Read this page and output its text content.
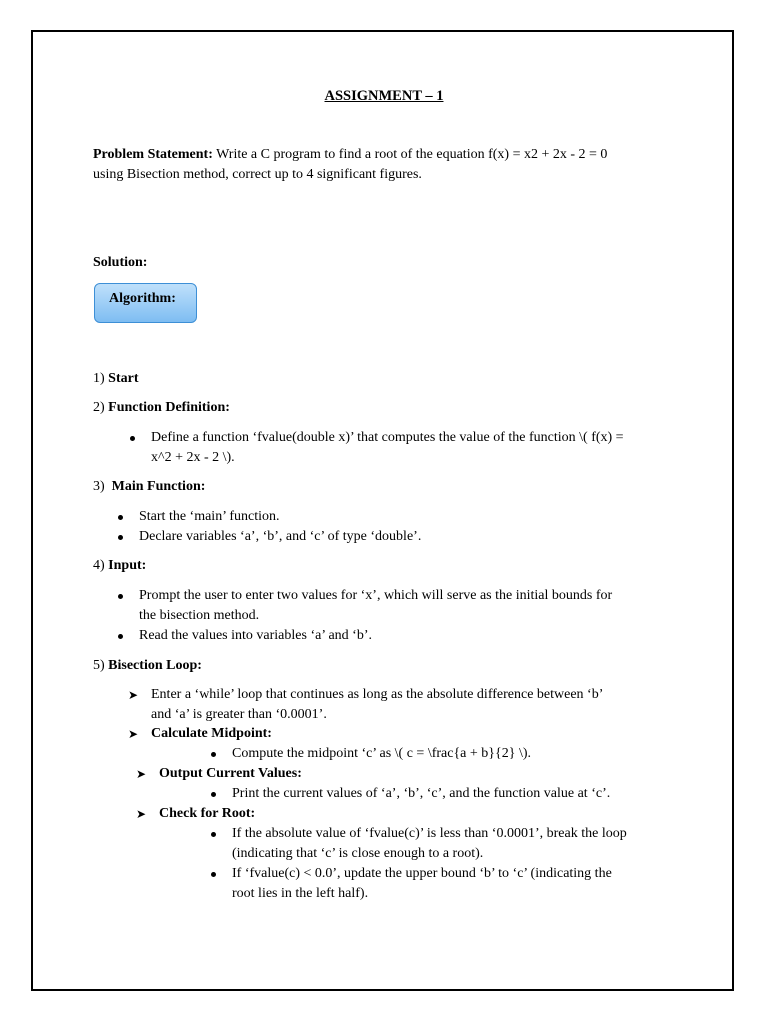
ASSIGNMENT – 1
Problem Statement: Write a C program to find a root of the equation f(x) = x2 + 2x - 2 = 0
using Bisection method, correct up to 4 significant figures.
Solution:
Algorithm:
1) Start
2) Function Definition:
Define a function ‘fvalue(double x)’ that computes the value of the function \( f(x) =
x^2 + 2x - 2 \).
3)  Main Function:
Start the ‘main’ function.
Declare variables ‘a’, ‘b’, and ‘c’ of type ‘double’.
4) Input:
Prompt the user to enter two values for ‘x’, which will serve as the initial bounds for
the bisection method.
Read the values into variables ‘a’ and ‘b’.
5) Bisection Loop:
➤ Enter a ‘while’ loop that continues as long as the absolute difference between ‘b’
and ‘a’ is greater than ‘0.0001’.
➤ Calculate Midpoint:
Compute the midpoint ‘c’ as \( c = \frac{a + b}{2} \).
➤ Output Current Values:
Print the current values of ‘a’, ‘b’, ‘c’, and the function value at ‘c’.
➤ Check for Root:
If the absolute value of ‘fvalue(c)’ is less than ‘0.0001’, break the loop
(indicating that ‘c’ is close enough to a root).
If ‘fvalue(c) < 0.0’, update the upper bound ‘b’ to ‘c’ (indicating the
root lies in the left half).
